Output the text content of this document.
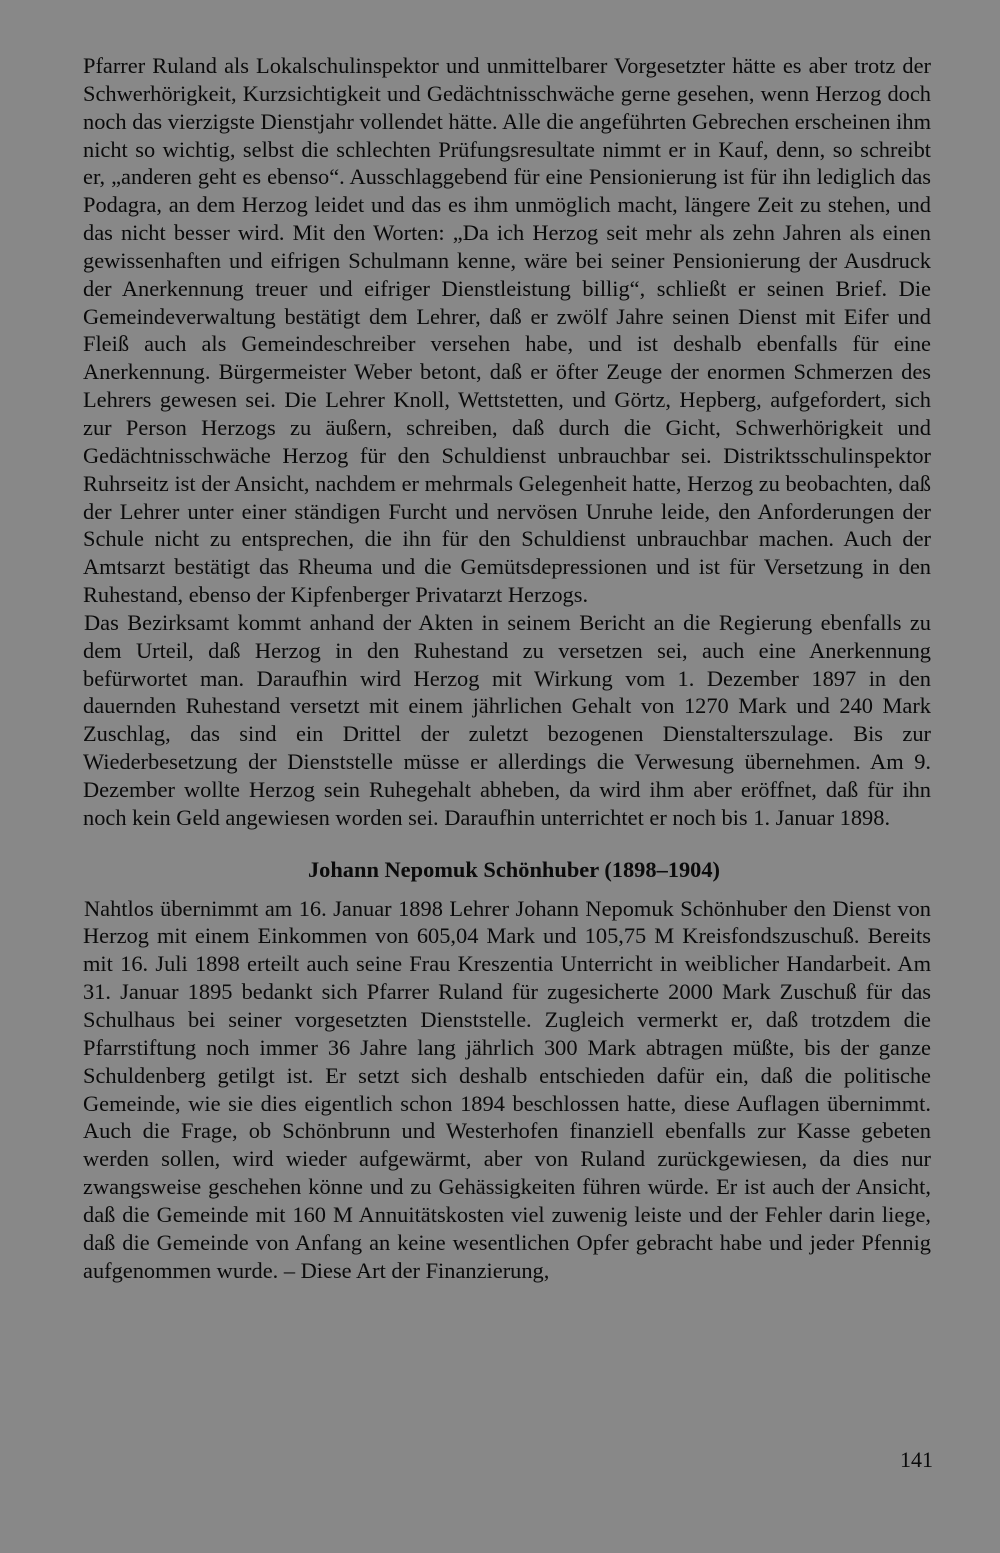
Pfarrer Ruland als Lokalschulinspektor und unmittelbarer Vorgesetzter hätte es aber trotz der Schwerhörigkeit, Kurzsichtigkeit und Gedächtnisschwäche gerne gesehen, wenn Herzog doch noch das vierzigste Dienstjahr vollendet hätte. Alle die angeführten Gebrechen erscheinen ihm nicht so wichtig, selbst die schlechten Prüfungsresultate nimmt er in Kauf, denn, so schreibt er, „anderen geht es ebenso“. Ausschlaggebend für eine Pensionierung ist für ihn lediglich das Podagra, an dem Herzog leidet und das es ihm unmöglich macht, längere Zeit zu stehen, und das nicht besser wird. Mit den Worten: „Da ich Herzog seit mehr als zehn Jahren als einen gewissenhaften und eifrigen Schulmann kenne, wäre bei seiner Pensionierung der Ausdruck der Anerkennung treuer und eifriger Dienstleistung billig“, schließt er seinen Brief. Die Gemeindeverwaltung bestätigt dem Lehrer, daß er zwölf Jahre seinen Dienst mit Eifer und Fleiß auch als Gemeindeschreiber versehen habe, und ist deshalb ebenfalls für eine Anerkennung. Bürgermeister Weber betont, daß er öfter Zeuge der enormen Schmerzen des Lehrers gewesen sei. Die Lehrer Knoll, Wettstetten, und Görtz, Hepberg, aufgefordert, sich zur Person Herzogs zu äußern, schreiben, daß durch die Gicht, Schwerhörigkeit und Gedächtnisschwäche Herzog für den Schuldienst unbrauchbar sei. Distriktsschulinspektor Ruhrseitz ist der Ansicht, nachdem er mehrmals Gelegenheit hatte, Herzog zu beobachten, daß der Lehrer unter einer ständigen Furcht und nervösen Unruhe leide, den Anforderungen der Schule nicht zu entsprechen, die ihn für den Schuldienst unbrauchbar machen. Auch der Amtsarzt bestätigt das Rheuma und die Gemütsdepressionen und ist für Versetzung in den Ruhestand, ebenso der Kipfenberger Privatarzt Herzogs.

Das Bezirksamt kommt anhand der Akten in seinem Bericht an die Regierung ebenfalls zu dem Urteil, daß Herzog in den Ruhestand zu versetzen sei, auch eine Anerkennung befürwortet man. Daraufhin wird Herzog mit Wirkung vom 1. Dezember 1897 in den dauernden Ruhestand versetzt mit einem jährlichen Gehalt von 1270 Mark und 240 Mark Zuschlag, das sind ein Drittel der zuletzt bezogenen Dienstalterszulage. Bis zur Wiederbesetzung der Dienststelle müsse er allerdings die Verwesung übernehmen. Am 9. Dezember wollte Herzog sein Ruhegehalt abheben, da wird ihm aber eröffnet, daß für ihn noch kein Geld angewiesen worden sei. Daraufhin unterrichtet er noch bis 1. Januar 1898.

Johann Nepomuk Schönhuber (1898–1904)

Nahtlos übernimmt am 16. Januar 1898 Lehrer Johann Nepomuk Schönhuber den Dienst von Herzog mit einem Einkommen von 605,04 Mark und 105,75 M Kreisfondszuschuß. Bereits mit 16. Juli 1898 erteilt auch seine Frau Kreszentia Unterricht in weiblicher Handarbeit. Am 31. Januar 1895 bedankt sich Pfarrer Ruland für zugesicherte 2000 Mark Zuschuß für das Schulhaus bei seiner vorgesetzten Dienststelle. Zugleich vermerkt er, daß trotzdem die Pfarrstiftung noch immer 36 Jahre lang jährlich 300 Mark abtragen müßte, bis der ganze Schuldenberg getilgt ist. Er setzt sich deshalb entschieden dafür ein, daß die politische Gemeinde, wie sie dies eigentlich schon 1894 beschlossen hatte, diese Auflagen übernimmt. Auch die Frage, ob Schönbrunn und Westerhofen finanziell ebenfalls zur Kasse gebeten werden sollen, wird wieder aufgewärmt, aber von Ruland zurückgewiesen, da dies nur zwangsweise geschehen könne und zu Gehässigkeiten führen würde. Er ist auch der Ansicht, daß die Gemeinde mit 160 M Annuitätskosten viel zuwenig leiste und der Fehler darin liege, daß die Gemeinde von Anfang an keine wesentlichen Opfer gebracht habe und jeder Pfennig aufgenommen wurde. – Diese Art der Finanzierung,

141
